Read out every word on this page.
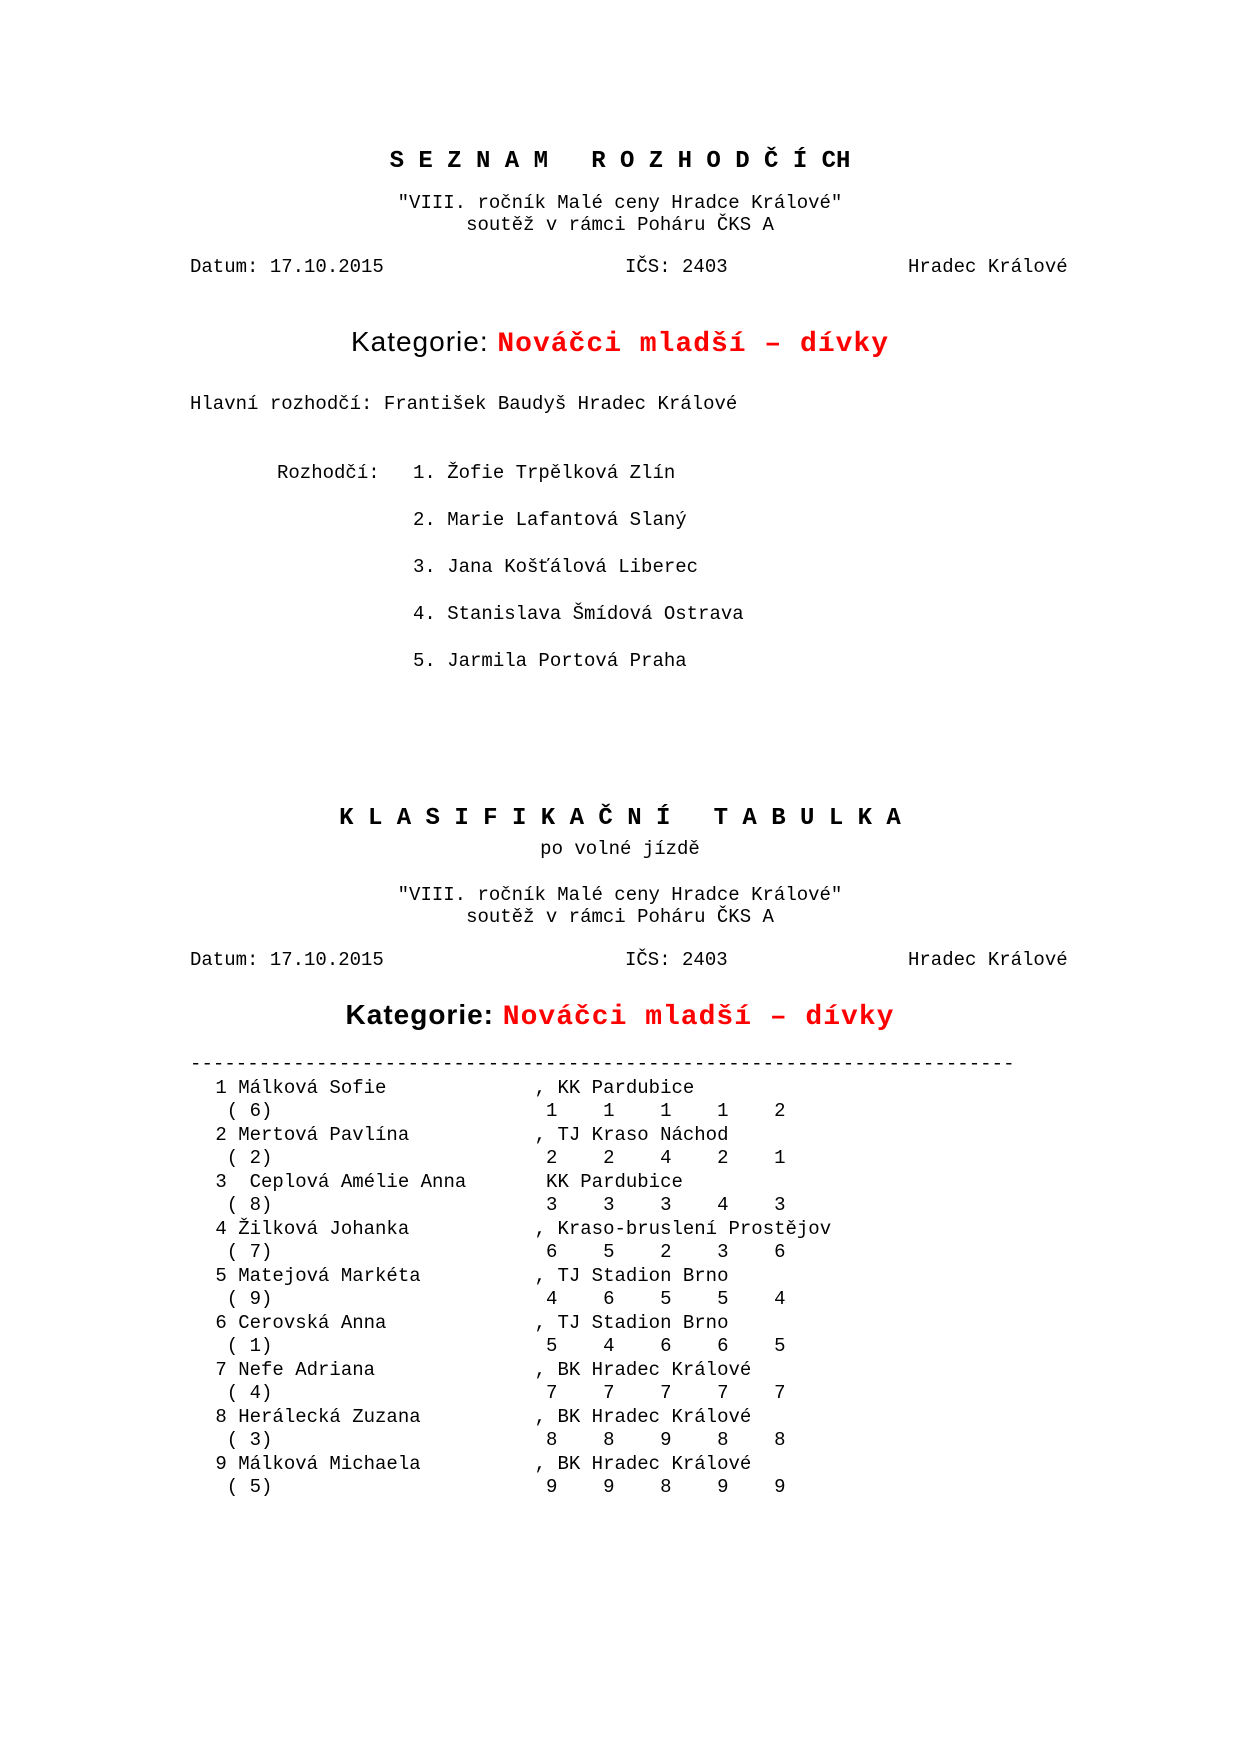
S E Z N A M   R O Z H O D Č Í CH
"VIII. ročník Malé ceny Hradce Králové"
soutěž v rámci Poháru ČKS A
Datum: 17.10.2015	IČS: 2403	Hradec Králové
Kategorie: Nováčci mladší – dívky
Hlavní rozhodčí: František Baudyš Hradec Králové
Rozhodčí: 1. Žofie Trpělková Zlín
2. Marie Lafantová Slaný
3. Jana Košťálová Liberec
4. Stanislava Šmídová Ostrava
5. Jarmila Portová Praha
K L A S I F I K A Č N Í   T A B U L K A
po volné jízdě
"VIII. ročník Malé ceny Hradce Králové"
soutěž v rámci Poháru ČKS A
Datum: 17.10.2015	IČS: 2403	Hradec Králové
Kategorie: Nováčci mladší – dívky
------------------------------------------------------------------------
1 Málková Sofie             , KK Pardubice
( 6)                        1    1    1    1    2
2 Mertová Pavlína           , TJ Kraso Náchod
( 2)                        2    2    4    2    1
3  Ceplová Amélie Anna       KK Pardubice
( 8)                        3    3    3    4    3
4 Žilková Johanka           , Kraso-bruslení Prostějov
( 7)                        6    5    2    3    6
5 Matejová Markéta          , TJ Stadion Brno
( 9)                        4    6    5    5    4
6 Cerovská Anna             , TJ Stadion Brno
( 1)                        5    4    6    6    5
7 Nefe Adriana              , BK Hradec Králové
( 4)                        7    7    7    7    7
8 Herálecká Zuzana          , BK Hradec Králové
( 3)                        8    8    9    8    8
9 Málková Michaela          , BK Hradec Králové
( 5)                        9    9    8    9    9
